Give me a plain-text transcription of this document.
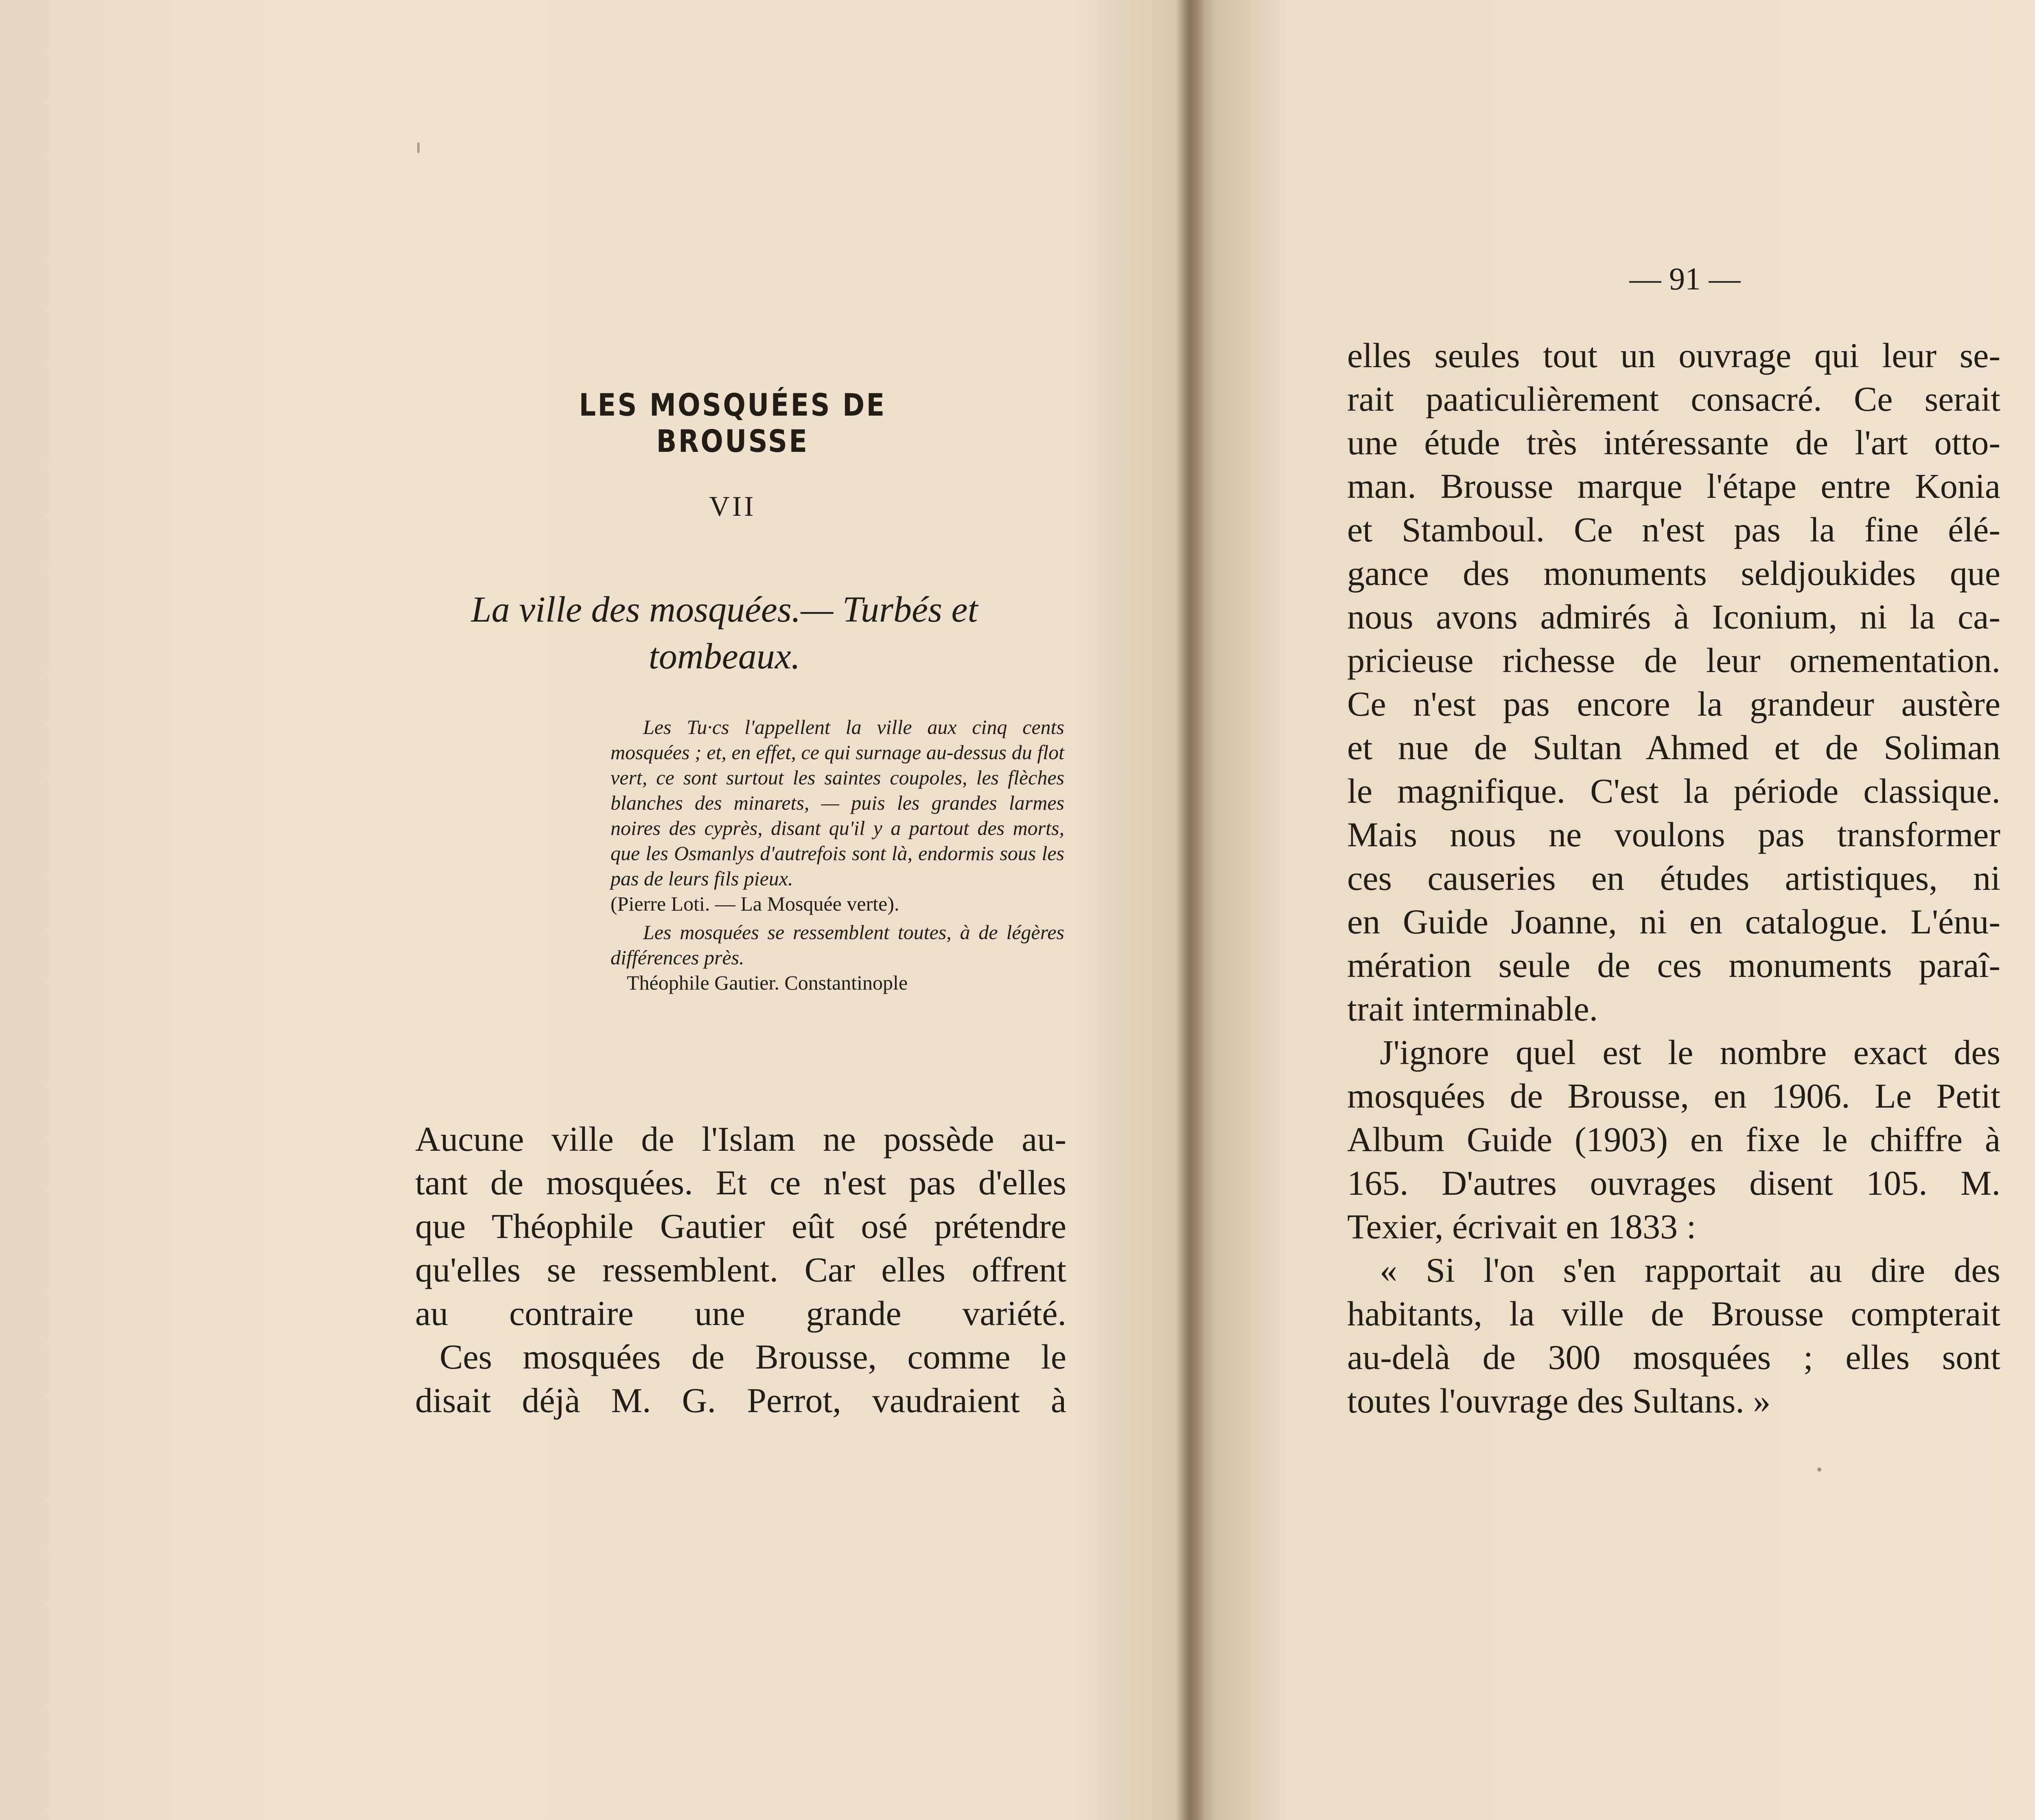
LES MOSQUÉES DE BROUSSE
VII
La ville des mosquées.— Turbés et
tombeaux.

Les Tu·cs l'appellent la ville aux cinq cents mosquées ; et, en effet, ce qui surnage au-dessus du flot vert, ce sont surtout les saintes coupoles, les flèches blanches des minarets, — puis les grandes larmes noires des cyprès, disant qu'il y a partout des morts, que les Osmanlys d'autrefois sont là, endormis sous les pas de leurs fils pieux.

(Pierre Loti. — La Mosquée verte).

Les mosquées se ressemblent toutes, à de légères différences près.

Théophile Gautier. Constantinople

Aucune ville de l'Islam ne possède au-
tant de mosquées. Et ce n'est pas d'elles
que Théophile Gautier eût osé prétendre
qu'elles se ressemblent. Car elles offrent
au contraire une grande variété.
Ces mosquées de Brousse, comme le
disait déjà M. G. Perrot, vaudraient à
— 91 —
elles seules tout un ouvrage qui leur se-
rait paaticulièrement consacré. Ce serait
une étude très intéressante de l'art otto-
man. Brousse marque l'étape entre Konia
et Stamboul. Ce n'est pas la fine élé-
gance des monuments seldjoukides que
nous avons admirés à Iconium, ni la ca-
pricieuse richesse de leur ornementation.
Ce n'est pas encore la grandeur austère
et nue de Sultan Ahmed et de Soliman
le magnifique. C'est la période classique.
Mais nous ne voulons pas transformer
ces causeries en études artistiques, ni
en Guide Joanne, ni en catalogue. L'énu-
mération seule de ces monuments paraî-
trait interminable.
J'ignore quel est le nombre exact des
mosquées de Brousse, en 1906. Le Petit
Album Guide (1903) en fixe le chiffre à
165. D'autres ouvrages disent 105. M.
Texier, écrivait en 1833 :
« Si l'on s'en rapportait au dire des
habitants, la ville de Brousse compterait
au-delà de 300 mosquées ; elles sont
toutes l'ouvrage des Sultans. »
